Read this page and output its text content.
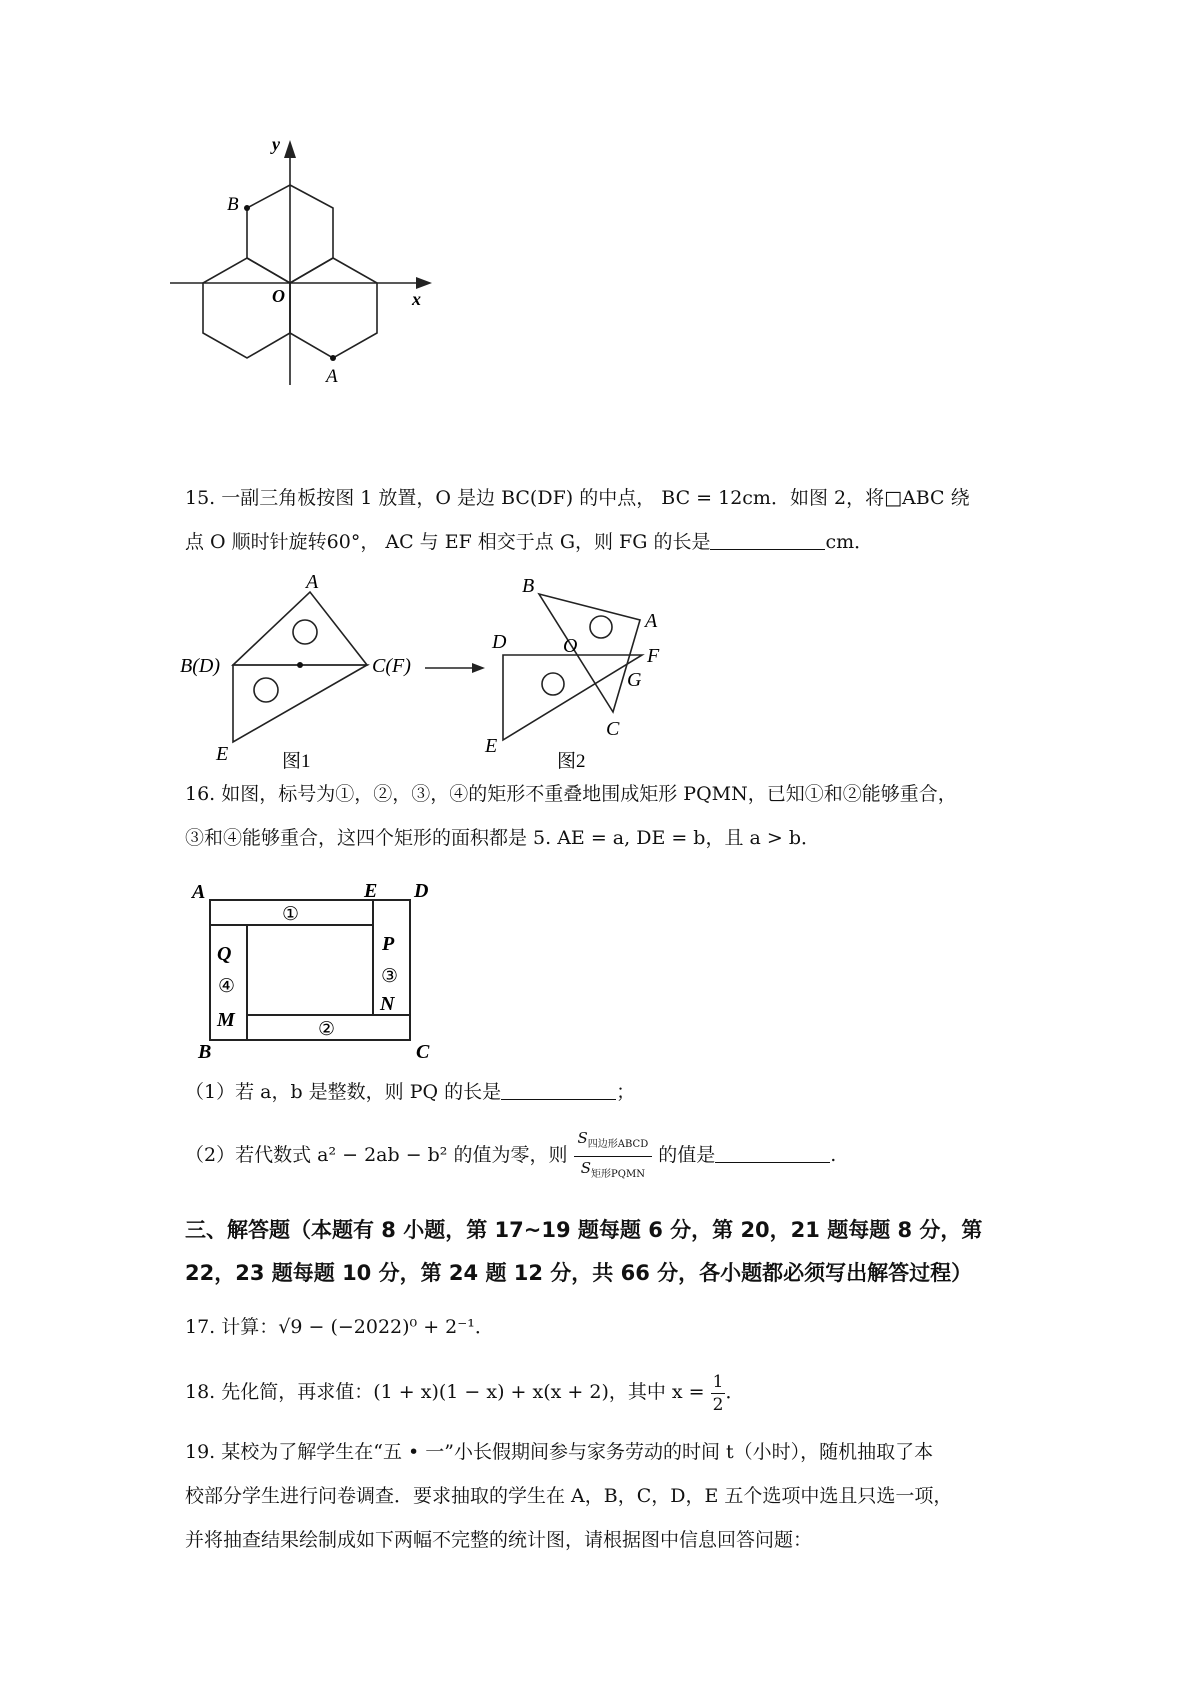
y
x
O
B
A
15. 一副三角板按图 1 放置，O 是边 BC(DF) 的中点， BC = 12cm．如图 2，将□ABC 绕
点 O 顺时针旋转60°， AC 与 EF 相交于点 G，则 FG 的长是	cm．
A
B(D)	C(F)
E	图1
B
A
D	O	F
G
C
E
图2
16. 如图，标号为①，②，③，④的矩形不重叠地围成矩形 PQMN，已知①和②能够重合，
③和④能够重合，这四个矩形的面积都是 5. AE = a, DE = b，且 a > b．
A	E D
P
Q
M
N
B	C
①
②
③
④
（1）若 a，b 是整数，则 PQ 的长是	；
（2）若代数式 a² − 2ab − b² 的值为零，则 $\frac{S_{四边形ABCD}}{S_{矩形PQMN}}$ 的值是	.
三、解答题（本题有 8 小题，第 17~19 题每题 6 分，第 20，21 题每题 8 分，第
22，23 题每题 10 分，第 24 题 12 分，共 66 分，各小题都必须写出解答过程）
17. 计算：√9 − (−2022)⁰ + 2⁻¹．
18. 先化简，再求值：(1 + x)(1 − x) + x(x + 2)，其中 $x = \frac{1}{2}$ ．
19. 某校为了解学生在“五 • 一”小长假期间参与家务劳动的时间 t（小时），随机抽取了本
校部分学生进行问卷调查．要求抽取的学生在 A，B，C，D，E 五个选项中选且只选一项，
并将抽查结果绘制成如下两幅不完整的统计图，请根据图中信息回答问题：
